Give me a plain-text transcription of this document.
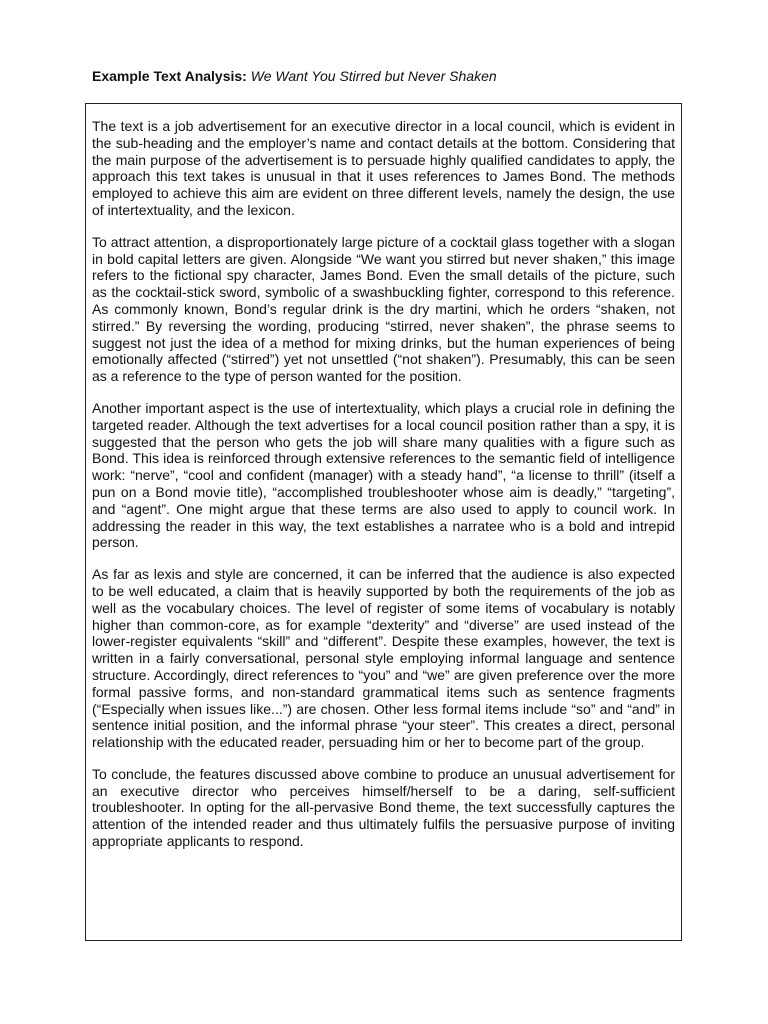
Example Text Analysis: We Want You Stirred but Never Shaken

The text is a job advertisement for an executive director in a local council, which is evident in the sub-heading and the employer’s name and contact details at the bottom. Considering that the main purpose of the advertisement is to persuade highly qualified candidates to apply, the approach this text takes is unusual in that it uses references to James Bond. The methods employed to achieve this aim are evident on three different levels, namely the design, the use of intertextuality, and the lexicon.

To attract attention, a disproportionately large picture of a cocktail glass together with a slogan in bold capital letters are given. Alongside “We want you stirred but never shaken,” this image refers to the fictional spy character, James Bond. Even the small details of the picture, such as the cocktail-stick sword, symbolic of a swashbuckling fighter, correspond to this reference. As commonly known, Bond’s regular drink is the dry martini, which he orders “shaken, not stirred.” By reversing the wording, producing “stirred, never shaken”, the phrase seems to suggest not just the idea of a method for mixing drinks, but the human experiences of being emotionally affected (“stirred”) yet not unsettled (“not shaken”). Presumably, this can be seen as a reference to the type of person wanted for the position.

Another important aspect is the use of intertextuality, which plays a crucial role in defining the targeted reader. Although the text advertises for a local council position rather than a spy, it is suggested that the person who gets the job will share many qualities with a figure such as Bond. This idea is reinforced through extensive references to the semantic field of intelligence work: “nerve”, “cool and confident (manager) with a steady hand”, “a license to thrill” (itself a pun on a Bond movie title), “accomplished troubleshooter whose aim is deadly,” “targeting”, and “agent”. One might argue that these terms are also used to apply to council work. In addressing the reader in this way, the text establishes a narratee who is a bold and intrepid person.

As far as lexis and style are concerned, it can be inferred that the audience is also expected to be well educated, a claim that is heavily supported by both the requirements of the job as well as the vocabulary choices. The level of register of some items of vocabulary is notably higher than common-core, as for example “dexterity” and “diverse” are used instead of the lower-register equivalents “skill” and “different”. Despite these examples, however, the text is written in a fairly conversational, personal style employing informal language and sentence structure. Accordingly, direct references to “you” and “we” are given preference over the more formal passive forms, and non-standard grammatical items such as sentence fragments (“Especially when issues like...”) are chosen. Other less formal items include “so” and “and” in sentence initial position, and the informal phrase “your steer”. This creates a direct, personal relationship with the educated reader, persuading him or her to become part of the group.

To conclude, the features discussed above combine to produce an unusual advertisement for an executive director who perceives himself/herself to be a daring, self-sufficient troubleshooter. In opting for the all-pervasive Bond theme, the text successfully captures the attention of the intended reader and thus ultimately fulfils the persuasive purpose of inviting appropriate applicants to respond.
